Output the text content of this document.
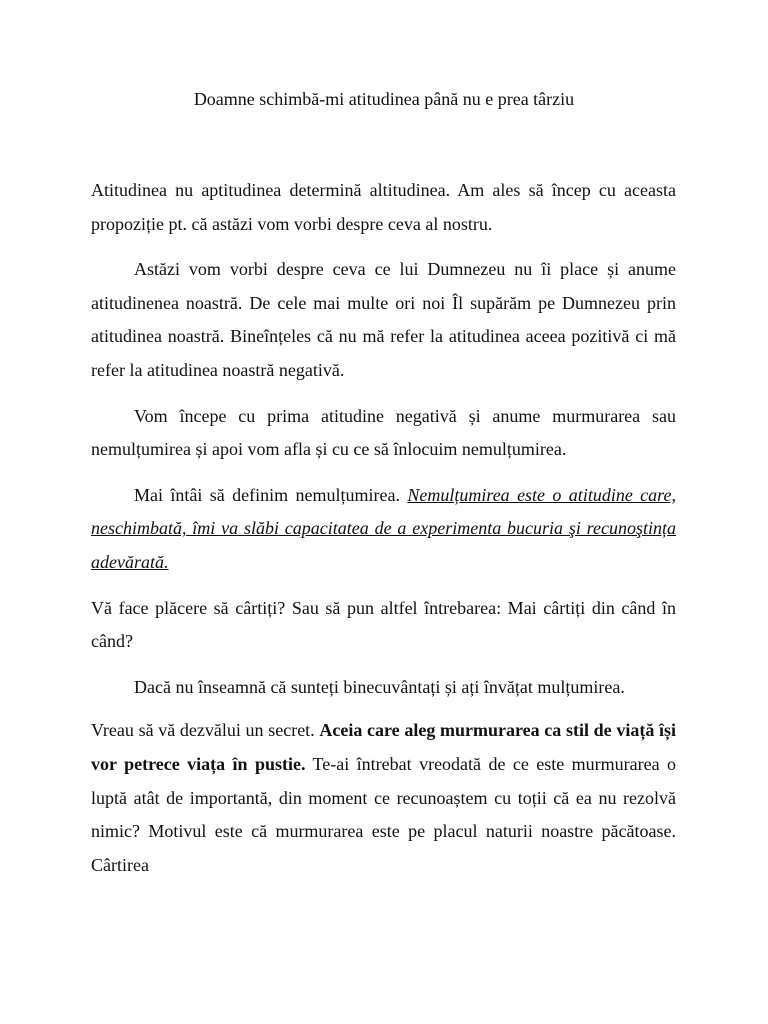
Doamne schimbă-mi atitudinea până nu e prea târziu

Atitudinea nu aptitudinea determină altitudinea. Am ales să încep cu aceasta propoziție pt. că astăzi vom vorbi despre ceva al nostru.

Astăzi vom vorbi despre ceva ce lui Dumnezeu nu îi place și anume atitudinenea noastră. De cele mai multe ori noi Îl supărăm pe Dumnezeu prin atitudinea noastră. Bineînțeles că nu mă refer la atitudinea aceea pozitivă ci mă refer la atitudinea noastră negativă.

Vom începe cu prima atitudine negativă și anume murmurarea sau nemulțumirea și apoi vom afla și cu ce să înlocuim nemulțumirea.

Mai întâi să definim nemulțumirea. Nemulțumirea este o atitudine care, neschimbată, îmi va slăbi capacitatea de a experimenta bucuria şi recunoştința adevărată.

Vă face plăcere să cârtiți? Sau să pun altfel întrebarea: Mai cârtiți din când în când?

Dacă nu înseamnă că sunteți binecuvântați și ați învățat mulțumirea.

Vreau să vă dezvălui un secret. Aceia care aleg murmurarea ca stil de viață își vor petrece viața în pustie. Te-ai întrebat vreodată de ce este murmurarea o luptă atât de importantă, din moment ce recunoaștem cu toții că ea nu rezolvă nimic? Motivul este că murmurarea este pe placul naturii noastre păcătoase. Cârtirea
